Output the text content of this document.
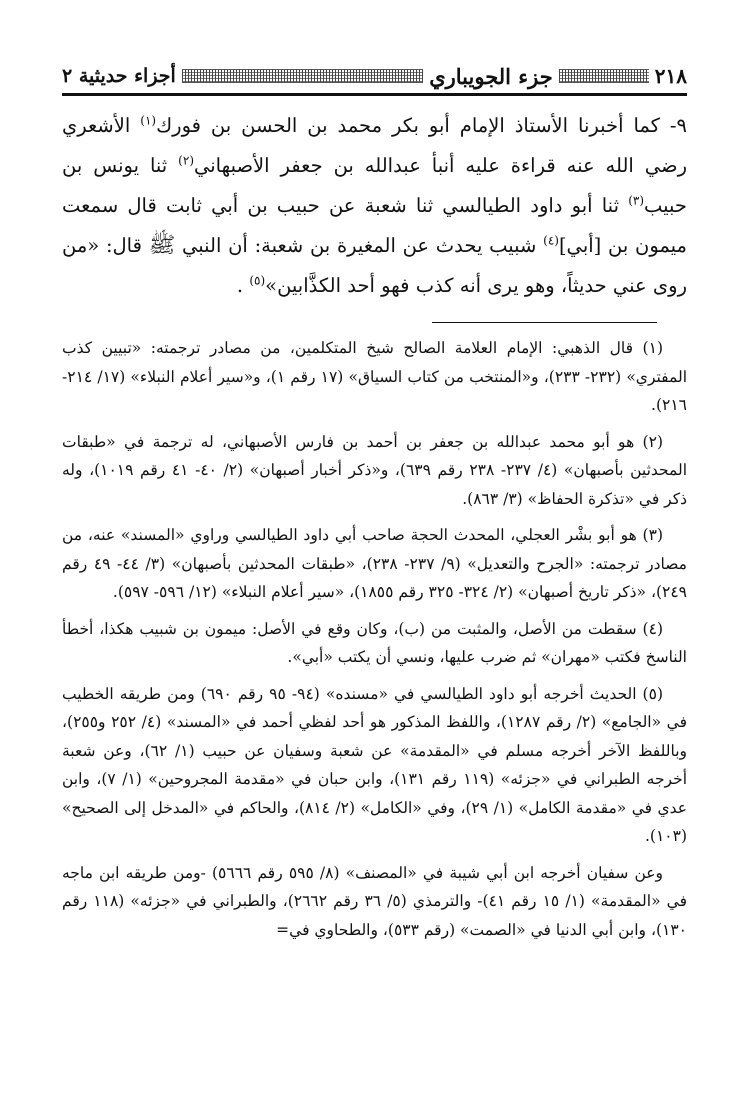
٢١٨
جزء الجويباري
أجزاء حديثية ٢

٩- كما أخبرنا الأستاذ الإمام أبو بكر محمد بن الحسن بن فورك$^{(١)}$ الأشعري رضي الله عنه قراءة عليه أنبأ عبدالله بن جعفر الأصبهاني$^{(٢)}$ ثنا يونس بن حبيب$^{(٣)}$ ثنا أبو داود الطيالسي ثنا شعبة عن حبيب بن أبي ثابت قال سمعت ميمون بن [أبي]$^{(٤)}$ شبيب يحدث عن المغيرة بن شعبة: أن النبي ﷺ قال: «من روى عني حديثاً، وهو يرى أنه كذب فهو أحد الكذَّابين»$^{(٥)}$ .

(١) قال الذهبي: الإمام العلامة الصالح شيخ المتكلمين، من مصادر ترجمته: «تبيين كذب المفتري» (٢٣٢- ٢٣٣)، و«المنتخب من كتاب السياق» (١٧ رقم ١)، و«سير أعلام النبلاء» (١٧/ ٢١٤- ٢١٦).

(٢) هو أبو محمد عبدالله بن جعفر بن أحمد بن فارس الأصبهاني، له ترجمة في «طبقات المحدثين بأصبهان» (٤/ ٢٣٧- ٢٣٨ رقم ٦٣٩)، و«ذكر أخبار أصبهان» (٢/ ٤٠- ٤١ رقم ١٠١٩)، وله ذكر في «تذكرة الحفاظ» (٣/ ٨٦٣).

(٣) هو أبو بشْر العجلي، المحدث الحجة صاحب أبي داود الطيالسي وراوي «المسند» عنه، من مصادر ترجمته: «الجرح والتعديل» (٩/ ٢٣٧- ٢٣٨)، «طبقات المحدثين بأصبهان» (٣/ ٤٤- ٤٩ رقم ٢٤٩)، «ذكر تاريخ أصبهان» (٢/ ٣٢٤- ٣٢٥ رقم ١٨٥٥)، «سير أعلام النبلاء» (١٢/ ٥٩٦- ٥٩٧).

(٤) سقطت من الأصل، والمثبت من (ب)، وكان وقع في الأصل: ميمون بن شبيب هكذا، أخطأ الناسخ فكتب «مهران» ثم ضرب عليها، ونسي أن يكتب «أبي».

(٥) الحديث أخرجه أبو داود الطيالسي في «مسنده» (٩٤- ٩٥ رقم ٦٩٠) ومن طريقه الخطيب في «الجامع» (٢/ رقم ١٢٨٧)، واللفظ المذكور هو أحد لفظي أحمد في «المسند» (٤/ ٢٥٢ و٢٥٥)، وباللفظ الآخر أخرجه مسلم في «المقدمة» عن شعبة وسفيان عن حبيب (١/ ٦٢)، وعن شعبة أخرجه الطبراني في «جزئه» (١١٩ رقم ١٣١)، وابن حبان في «مقدمة المجروحين» (١/ ٧)، وابن عدي في «مقدمة الكامل» (١/ ٢٩)، وفي «الكامل» (٢/ ٨١٤)، والحاكم في «المدخل إلى الصحيح» (١٠٣).

وعن سفيان أخرجه ابن أبي شيبة في «المصنف» (٨/ ٥٩٥ رقم ٥٦٦٦) -ومن طريقه ابن ماجه في «المقدمة» (١/ ١٥ رقم ٤١)- والترمذي (٥/ ٣٦ رقم ٢٦٦٢)، والطبراني في «جزئه» (١١٨ رقم ١٣٠)، وابن أبي الدنيا في «الصمت» (رقم ٥٣٣)، والطحاوي في=
